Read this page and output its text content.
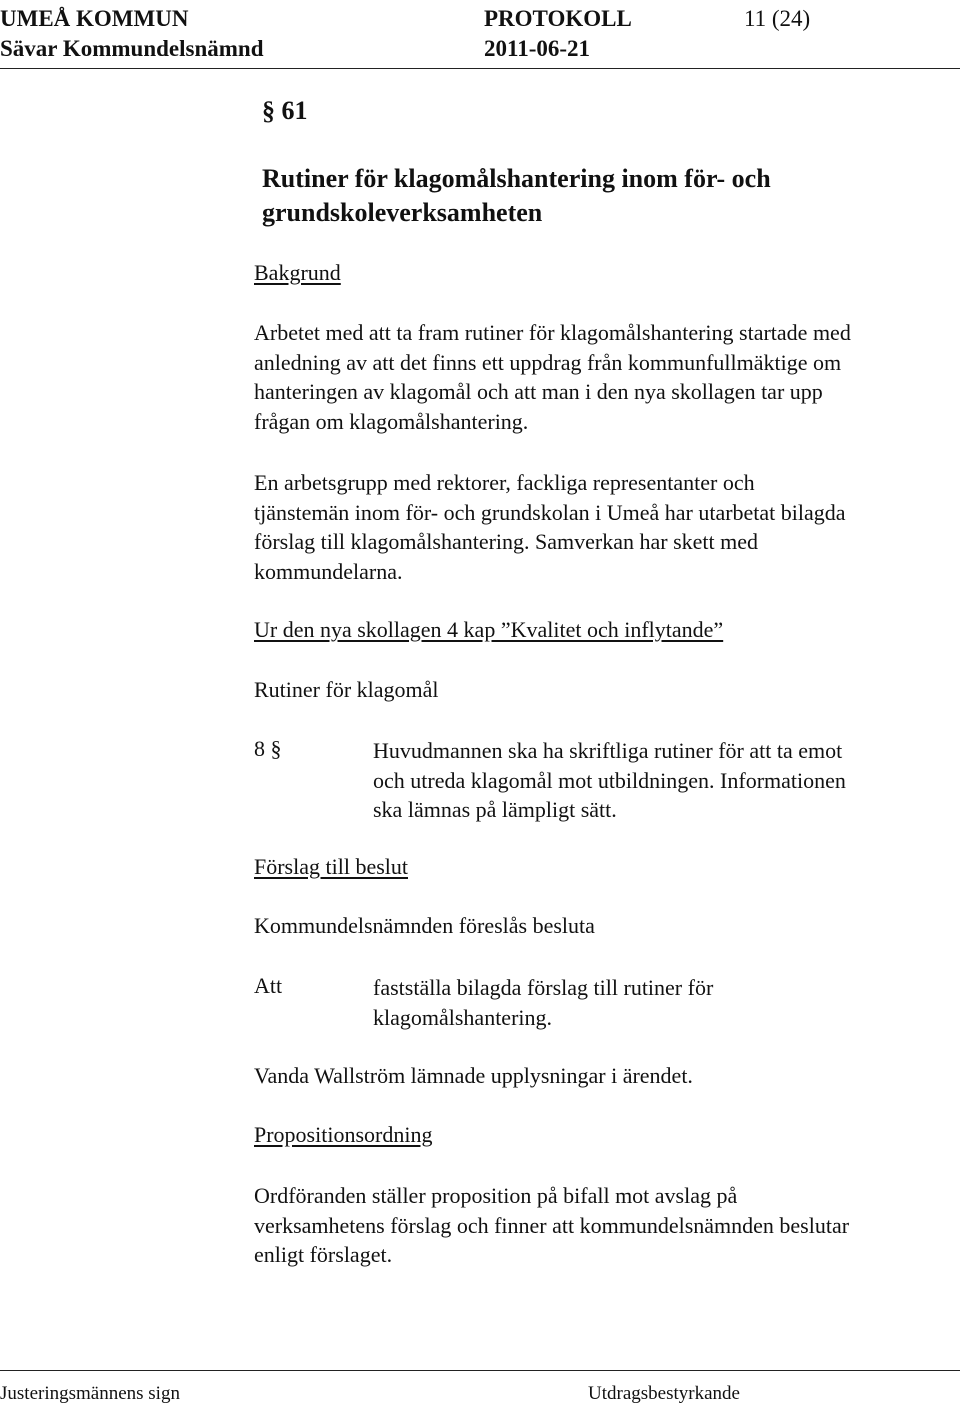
UMEÅ KOMMUN	PROTOKOLL	11 (24)
Sävar Kommundelsnämnd	2011-06-21
§ 61
Rutiner för klagomålshantering inom för- och
grundskoleverksamheten
Bakgrund
Arbetet med att ta fram rutiner för klagomålshantering startade med
anledning av att det finns ett uppdrag från kommunfullmäktige om
hanteringen av klagomål och att man i den nya skollagen tar upp
frågan om klagomålshantering.
En arbetsgrupp med rektorer, fackliga representanter och
tjänstemän inom för- och grundskolan i Umeå har utarbetat bilagda
förslag till klagomålshantering. Samverkan har skett med
kommundelarna.
Ur den nya skollagen 4 kap ”Kvalitet och inflytande”
Rutiner för klagomål
8 §	Huvudmannen ska ha skriftliga rutiner för att ta emot
och utreda klagomål mot utbildningen. Informationen
ska lämnas på lämpligt sätt.
Förslag till beslut
Kommundelsnämnden föreslås besluta
Att	fastställa bilagda förslag till rutiner för
klagomålshantering.
Vanda Wallström lämnade upplysningar i ärendet.
Propositionsordning
Ordföranden ställer proposition på bifall mot avslag på
verksamhetens förslag och finner att kommundelsnämnden beslutar
enligt förslaget.
Justeringsmännens sign	Utdragsbestyrkande
